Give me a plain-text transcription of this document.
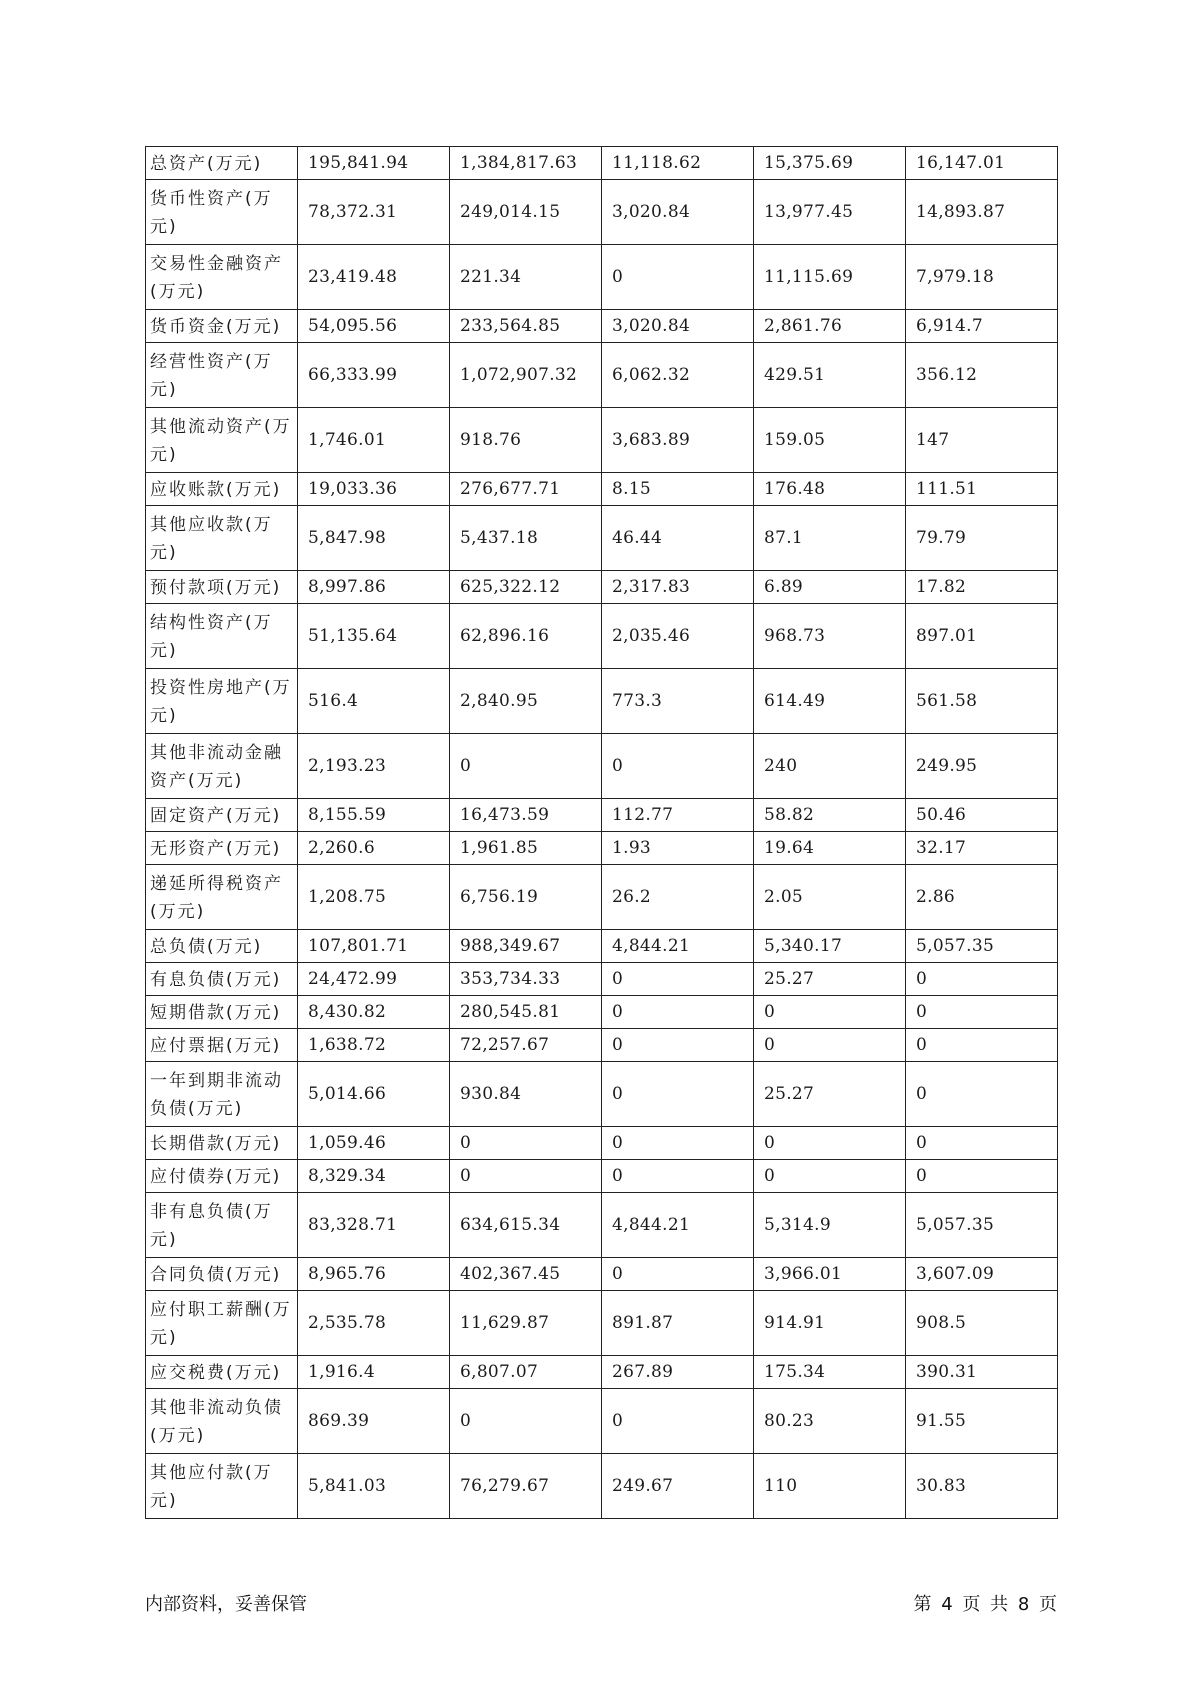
总资产(万元)	195,841.94	1,384,817.63	11,118.62	15,375.69	16,147.01
货币性资产(万元)	78,372.31	249,014.15	3,020.84	13,977.45	14,893.87
交易性金融资产(万元)	23,419.48	221.34	0	11,115.69	7,979.18
货币资金(万元)	54,095.56	233,564.85	3,020.84	2,861.76	6,914.7
经营性资产(万元)	66,333.99	1,072,907.32	6,062.32	429.51	356.12
其他流动资产(万元)	1,746.01	918.76	3,683.89	159.05	147
应收账款(万元)	19,033.36	276,677.71	8.15	176.48	111.51
其他应收款(万元)	5,847.98	5,437.18	46.44	87.1	79.79
预付款项(万元)	8,997.86	625,322.12	2,317.83	6.89	17.82
结构性资产(万元)	51,135.64	62,896.16	2,035.46	968.73	897.01
投资性房地产(万元)	516.4	2,840.95	773.3	614.49	561.58
其他非流动金融资产(万元)	2,193.23	0	0	240	249.95
固定资产(万元)	8,155.59	16,473.59	112.77	58.82	50.46
无形资产(万元)	2,260.6	1,961.85	1.93	19.64	32.17
递延所得税资产(万元)	1,208.75	6,756.19	26.2	2.05	2.86
总负债(万元)	107,801.71	988,349.67	4,844.21	5,340.17	5,057.35
有息负债(万元)	24,472.99	353,734.33	0	25.27	0
短期借款(万元)	8,430.82	280,545.81	0	0	0
应付票据(万元)	1,638.72	72,257.67	0	0	0
一年到期非流动负债(万元)	5,014.66	930.84	0	25.27	0
长期借款(万元)	1,059.46	0	0	0	0
应付债券(万元)	8,329.34	0	0	0	0
非有息负债(万元)	83,328.71	634,615.34	4,844.21	5,314.9	5,057.35
合同负债(万元)	8,965.76	402,367.45	0	3,966.01	3,607.09
应付职工薪酬(万元)	2,535.78	11,629.87	891.87	914.91	908.5
应交税费(万元)	1,916.4	6,807.07	267.89	175.34	390.31
其他非流动负债(万元)	869.39	0	0	80.23	91.55
其他应付款(万元)	5,841.03	76,279.67	249.67	110	30.83
内部资料，妥善保管	第 4 页 共 8 页
